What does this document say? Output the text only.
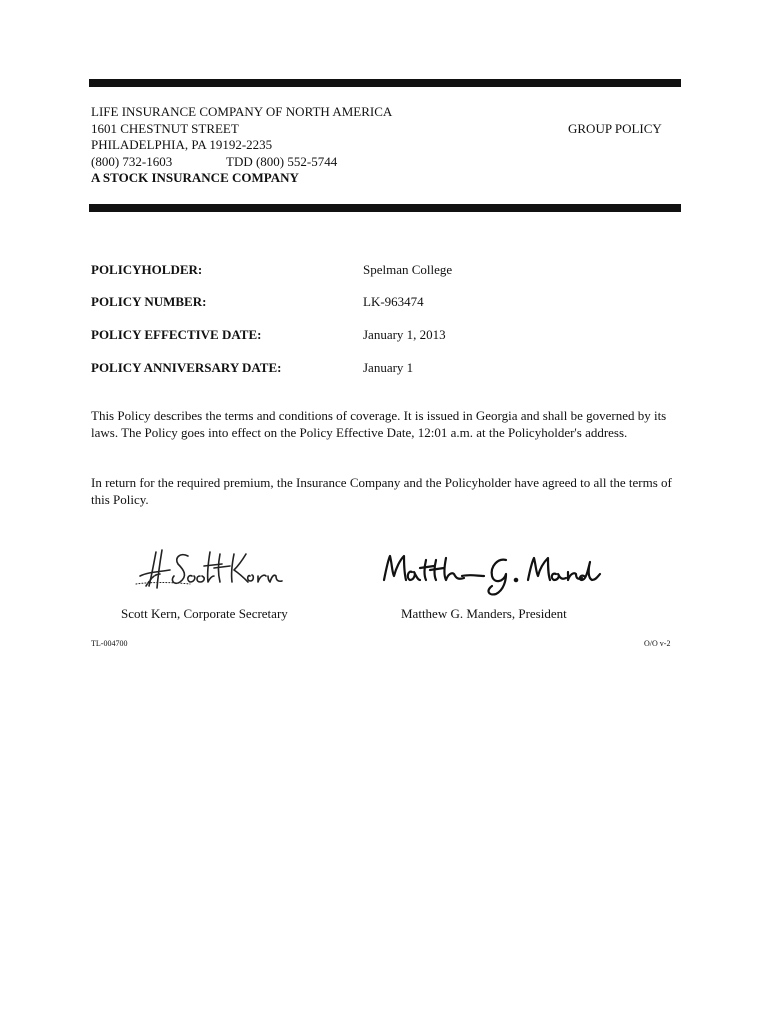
LIFE INSURANCE COMPANY OF NORTH AMERICA
1601 CHESTNUT STREET
PHILADELPHIA, PA 19192-2235
(800) 732-1603	TDD (800) 552-5744
A STOCK INSURANCE COMPANY
GROUP POLICY
POLICYHOLDER:	Spelman College
POLICY NUMBER:	LK-963474
POLICY EFFECTIVE DATE:	January 1, 2013
POLICY ANNIVERSARY DATE:	January 1
This Policy describes the terms and conditions of coverage. It is issued in Georgia and shall be governed by its laws. The Policy goes into effect on the Policy Effective Date, 12:01 a.m. at the Policyholder's address.
In return for the required premium, the Insurance Company and the Policyholder have agreed to all the terms of this Policy.
Scott Kern, Corporate Secretary	Matthew G. Manders, President
TL-004700	O/O v-2
